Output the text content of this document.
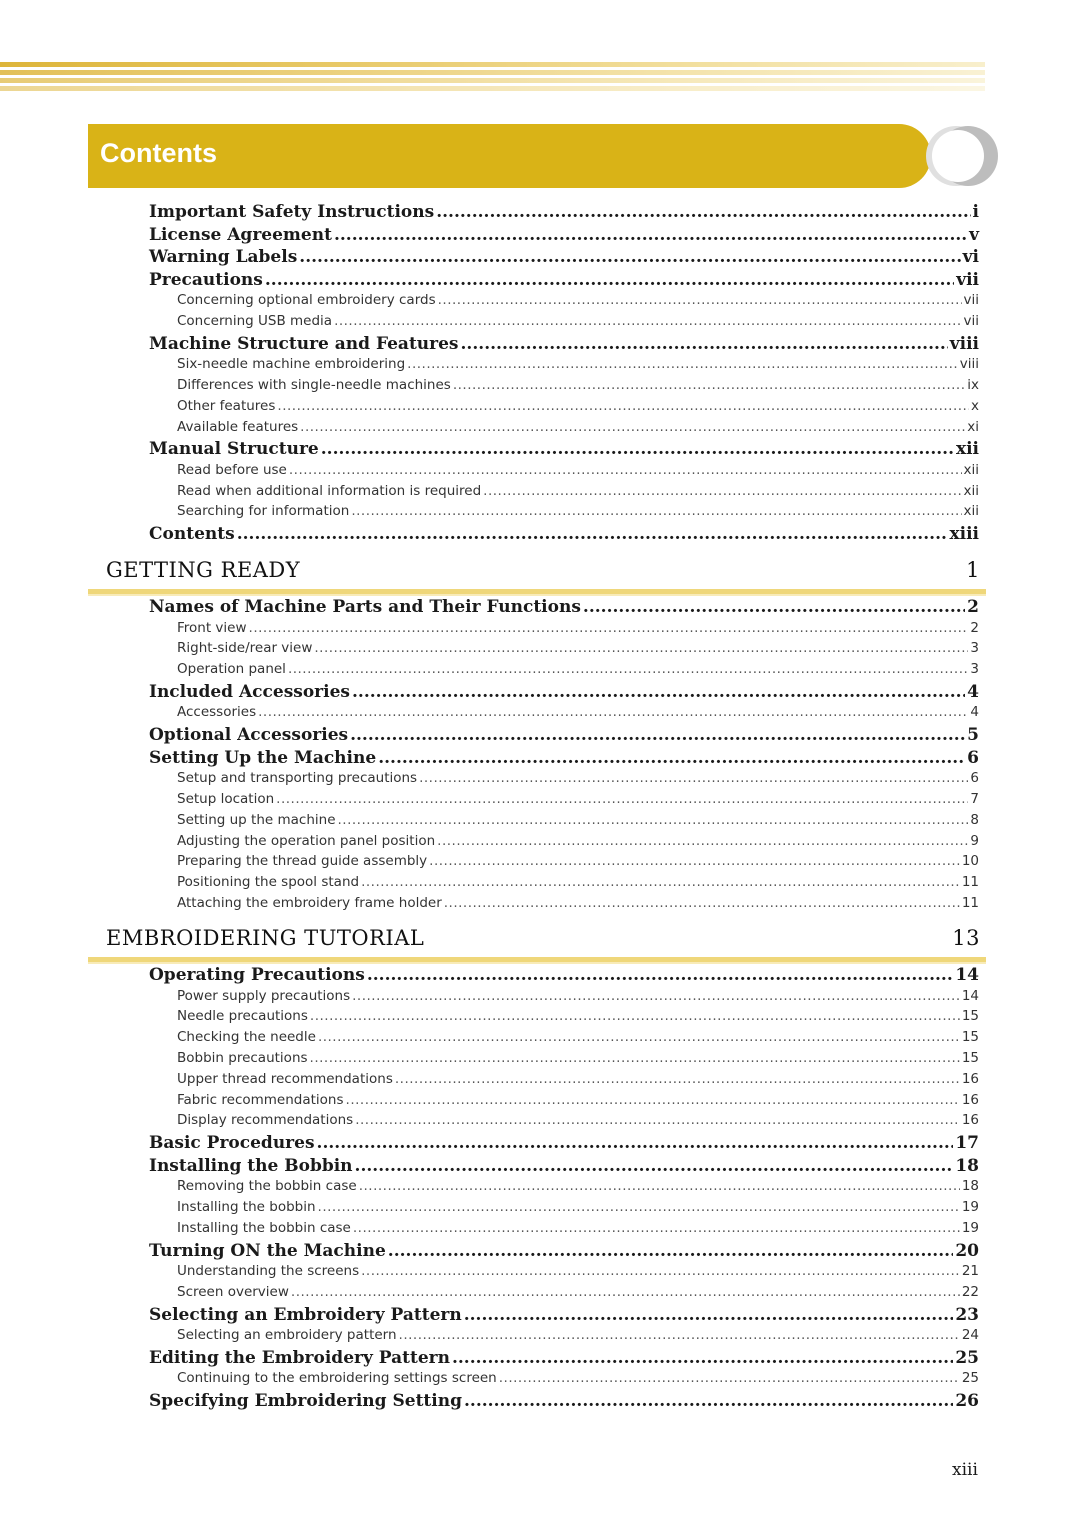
Contents
xiii
Important Safety Instructions .....	i
License Agreement .....	v
Warning Labels .....	vi
Precautions .....	vii
Concerning optional embroidery cards .....	vii
Concerning USB media .....	vii
Machine Structure and Features .....	viii
Six-needle machine embroidering .....	viii
Differences with single-needle machines .....	ix
Other features .....	x
Available features .....	xi
Manual Structure .....	xii
Read before use .....	xii
Read when additional information is required .....	xii
Searching for information .....	xii
Contents .....	xiii
GETTING READY	1
Names of Machine Parts and Their Functions .....	2
Front view .....	2
Right-side/rear view .....	3
Operation panel .....	3
Included Accessories .....	4
Accessories .....	4
Optional Accessories .....	5
Setting Up the Machine .....	6
Setup and transporting precautions .....	6
Setup location .....	7
Setting up the machine .....	8
Adjusting the operation panel position .....	9
Preparing the thread guide assembly .....	10
Positioning the spool stand .....	11
Attaching the embroidery frame holder .....	11
EMBROIDERING TUTORIAL	13
Operating Precautions .....	14
Power supply precautions .....	14
Needle precautions .....	15
Checking the needle .....	15
Bobbin precautions .....	15
Upper thread recommendations .....	16
Fabric recommendations .....	16
Display recommendations .....	16
Basic Procedures .....	17
Installing the Bobbin .....	18
Removing the bobbin case .....	18
Installing the bobbin .....	19
Installing the bobbin case .....	19
Turning ON the Machine .....	20
Understanding the screens .....	21
Screen overview .....	22
Selecting an Embroidery Pattern .....	23
Selecting an embroidery pattern .....	24
Editing the Embroidery Pattern .....	25
Continuing to the embroidering settings screen .....	25
Specifying Embroidering Setting .....	26
